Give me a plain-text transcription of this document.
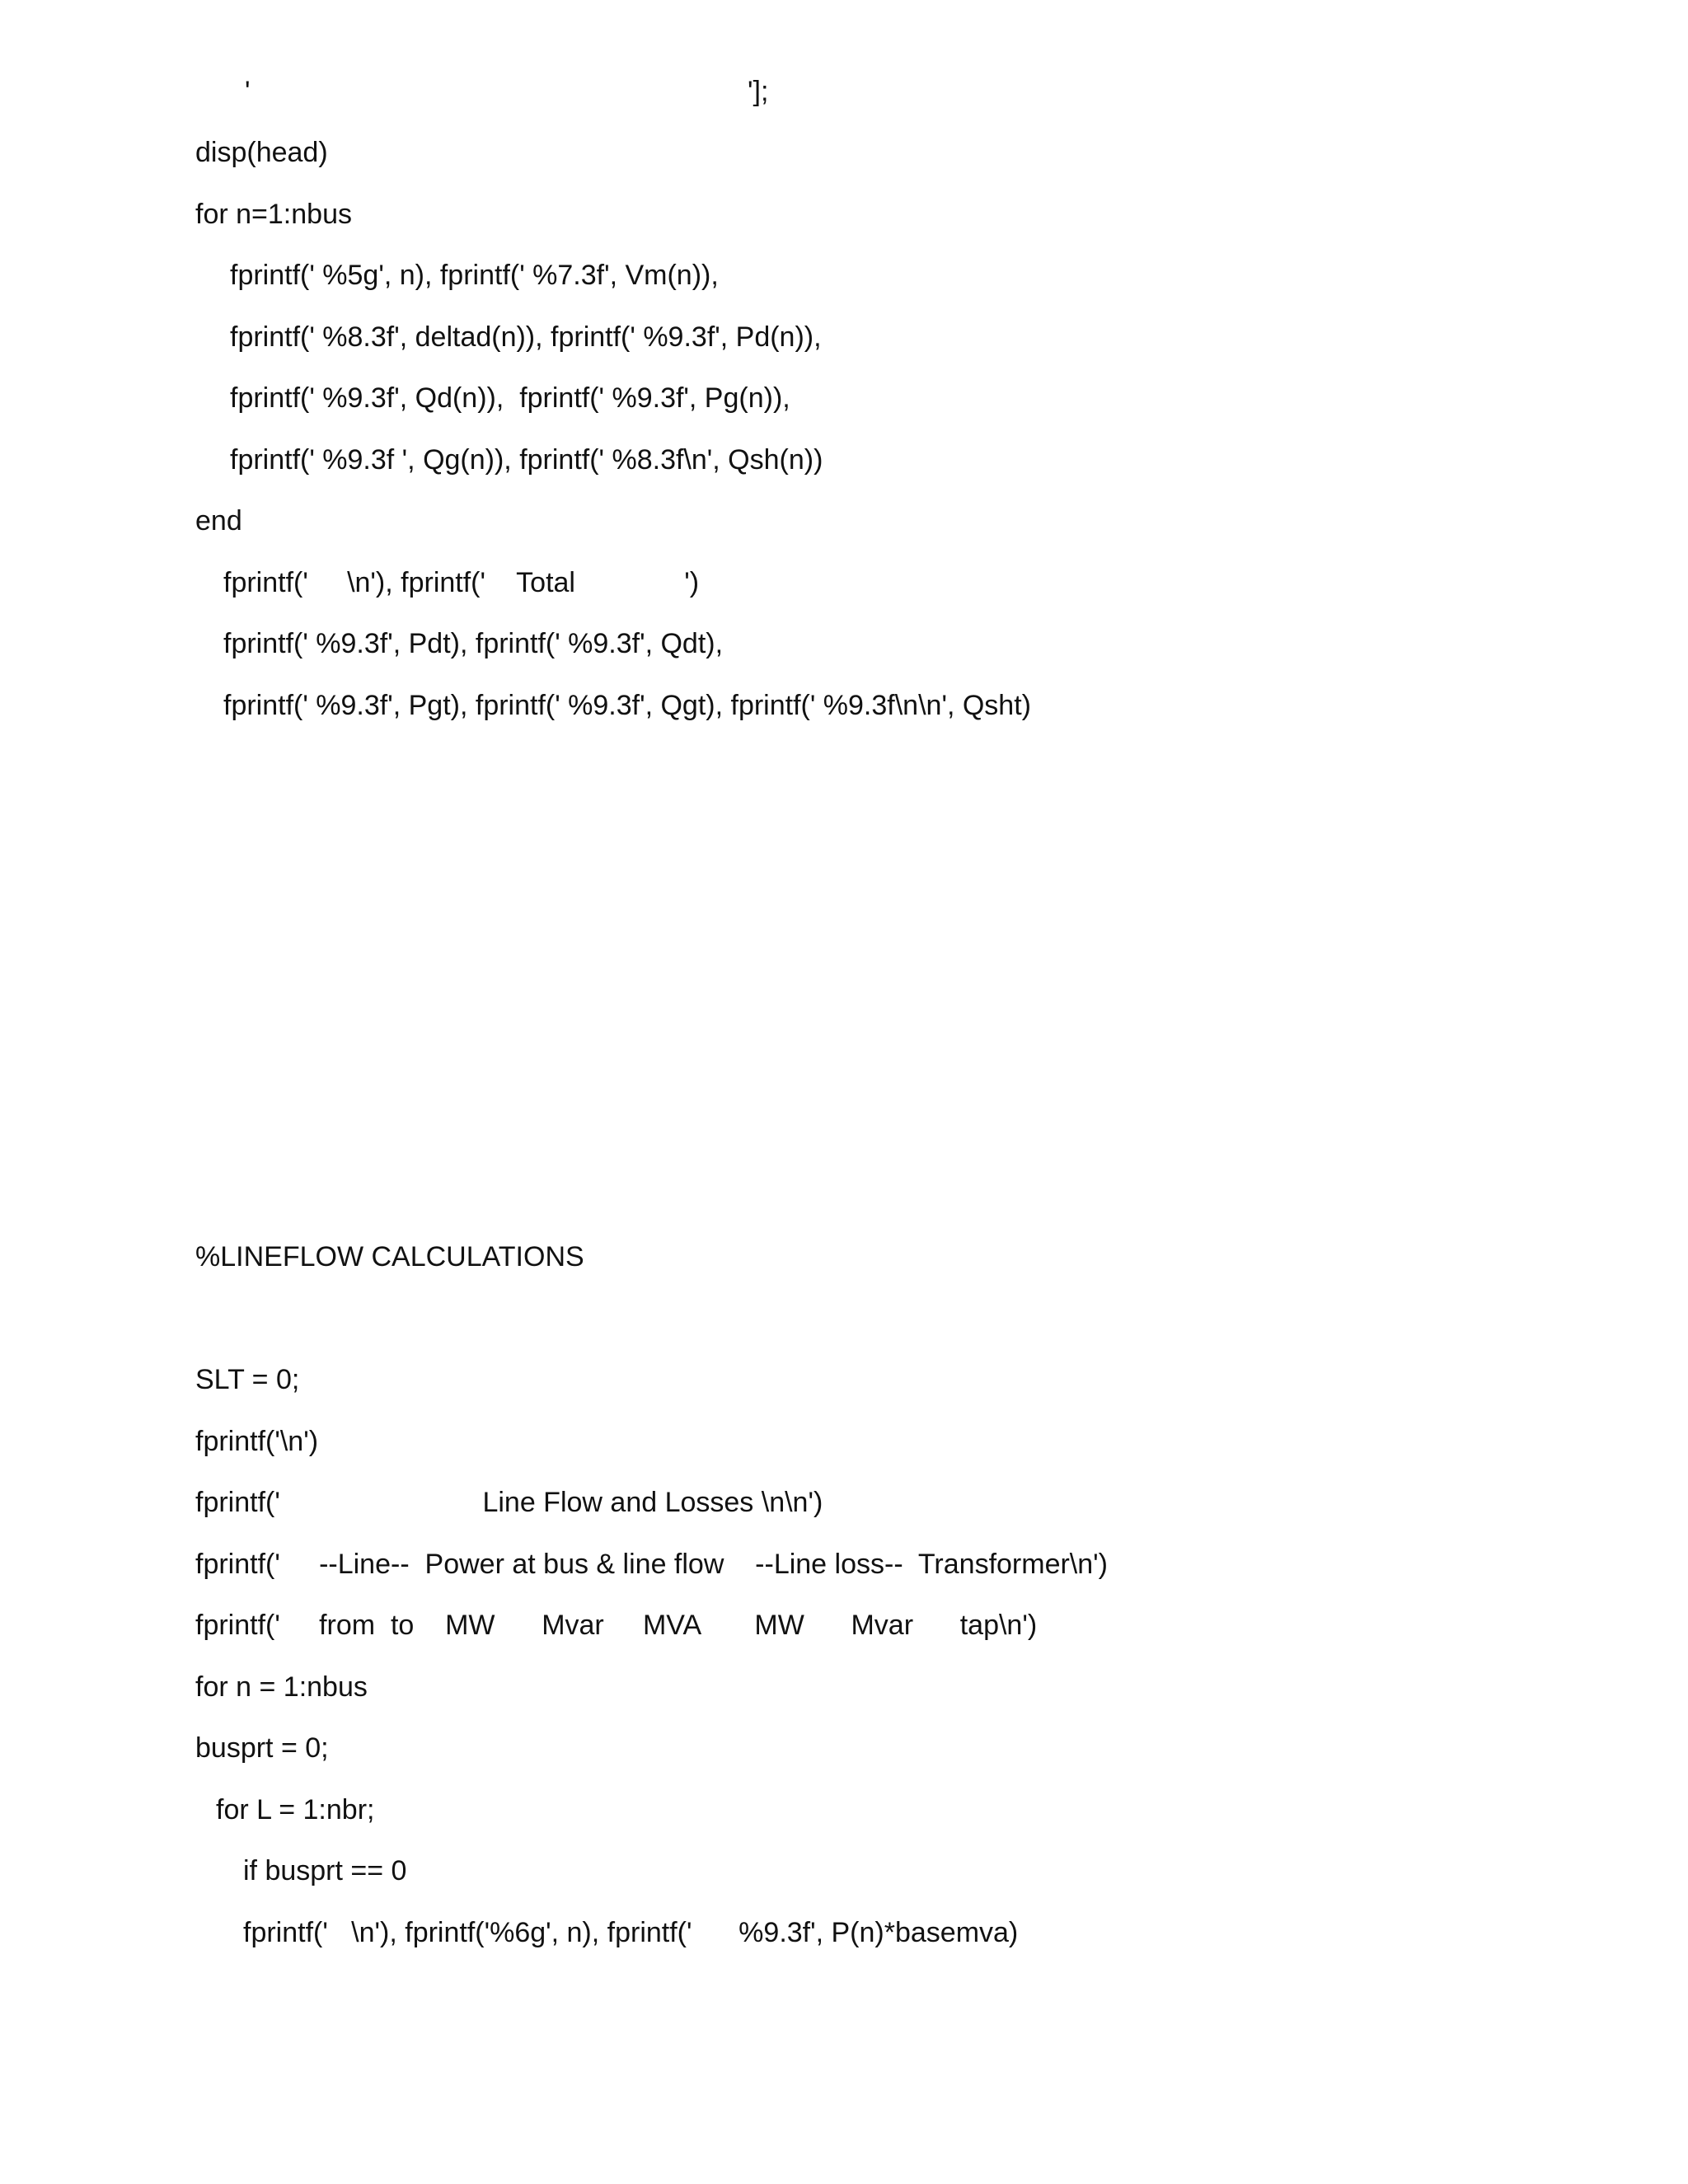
'	'];

disp(head)

for n=1:nbus

fprintf(' %5g', n), fprintf(' %7.3f', Vm(n)),

fprintf(' %8.3f', deltad(n)), fprintf(' %9.3f', Pd(n)),

fprintf(' %9.3f', Qd(n)),  fprintf(' %9.3f', Pg(n)),

fprintf(' %9.3f ', Qg(n)), fprintf(' %8.3f\n', Qsh(n))

end

fprintf('     \n'), fprintf('    Total              ')

fprintf(' %9.3f', Pdt), fprintf(' %9.3f', Qdt),

fprintf(' %9.3f', Pgt), fprintf(' %9.3f', Qgt), fprintf(' %9.3f\n\n', Qsht)

%LINEFLOW CALCULATIONS

SLT = 0;

fprintf('\n')

fprintf('                          Line Flow and Losses \n\n')

fprintf('     --Line--  Power at bus & line flow    --Line loss--  Transformer\n')

fprintf('     from  to    MW      Mvar     MVA       MW      Mvar      tap\n')

for n = 1:nbus

busprt = 0;

for L = 1:nbr;

if busprt == 0

fprintf('   \n'), fprintf('%6g', n), fprintf('      %9.3f', P(n)*basemva)
